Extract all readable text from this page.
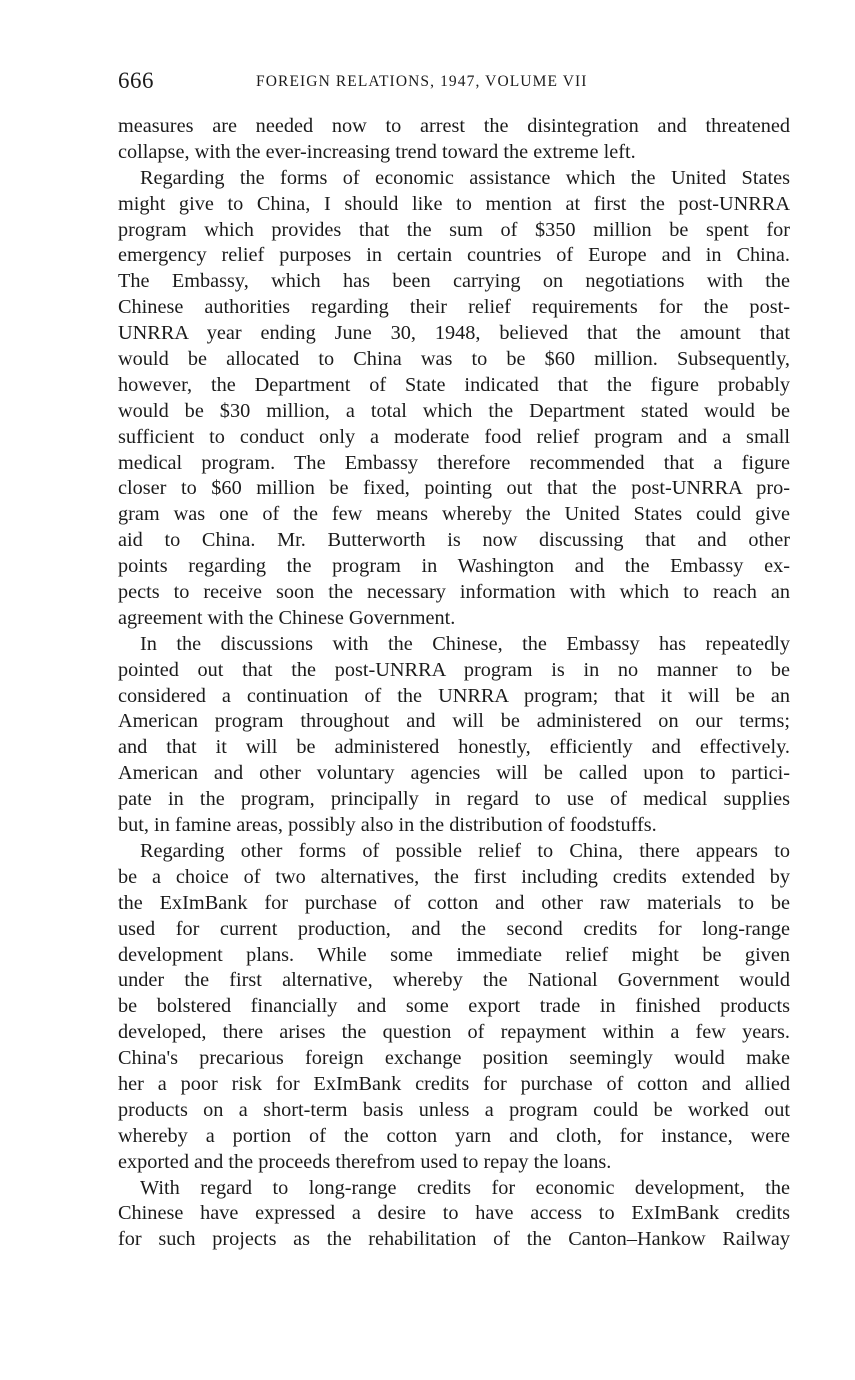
666	FOREIGN RELATIONS, 1947, VOLUME VII
measures are needed now to arrest the disintegration and threatened
collapse, with the ever-increasing trend toward the extreme left.
Regarding the forms of economic assistance which the United States
might give to China, I should like to mention at first the post-UNRRA
program which provides that the sum of $350 million be spent for
emergency relief purposes in certain countries of Europe and in China.
The Embassy, which has been carrying on negotiations with the
Chinese authorities regarding their relief requirements for the post-
UNRRA year ending June 30, 1948, believed that the amount that
would be allocated to China was to be $60 million. Subsequently,
however, the Department of State indicated that the figure probably
would be $30 million, a total which the Department stated would be
sufficient to conduct only a moderate food relief program and a small
medical program. The Embassy therefore recommended that a figure
closer to $60 million be fixed, pointing out that the post-UNRRA pro-
gram was one of the few means whereby the United States could give
aid to China. Mr. Butterworth is now discussing that and other
points regarding the program in Washington and the Embassy ex-
pects to receive soon the necessary information with which to reach an
agreement with the Chinese Government.
In the discussions with the Chinese, the Embassy has repeatedly
pointed out that the post-UNRRA program is in no manner to be
considered a continuation of the UNRRA program; that it will be an
American program throughout and will be administered on our terms;
and that it will be administered honestly, efficiently and effectively.
American and other voluntary agencies will be called upon to partici-
pate in the program, principally in regard to use of medical supplies
but, in famine areas, possibly also in the distribution of foodstuffs.
Regarding other forms of possible relief to China, there appears to
be a choice of two alternatives, the first including credits extended by
the ExImBank for purchase of cotton and other raw materials to be
used for current production, and the second credits for long-range
development plans. While some immediate relief might be given
under the first alternative, whereby the National Government would
be bolstered financially and some export trade in finished products
developed, there arises the question of repayment within a few years.
China's precarious foreign exchange position seemingly would make
her a poor risk for ExImBank credits for purchase of cotton and allied
products on a short-term basis unless a program could be worked out
whereby a portion of the cotton yarn and cloth, for instance, were
exported and the proceeds therefrom used to repay the loans.
With regard to long-range credits for economic development, the
Chinese have expressed a desire to have access to ExImBank credits
for such projects as the rehabilitation of the Canton–Hankow Railway
